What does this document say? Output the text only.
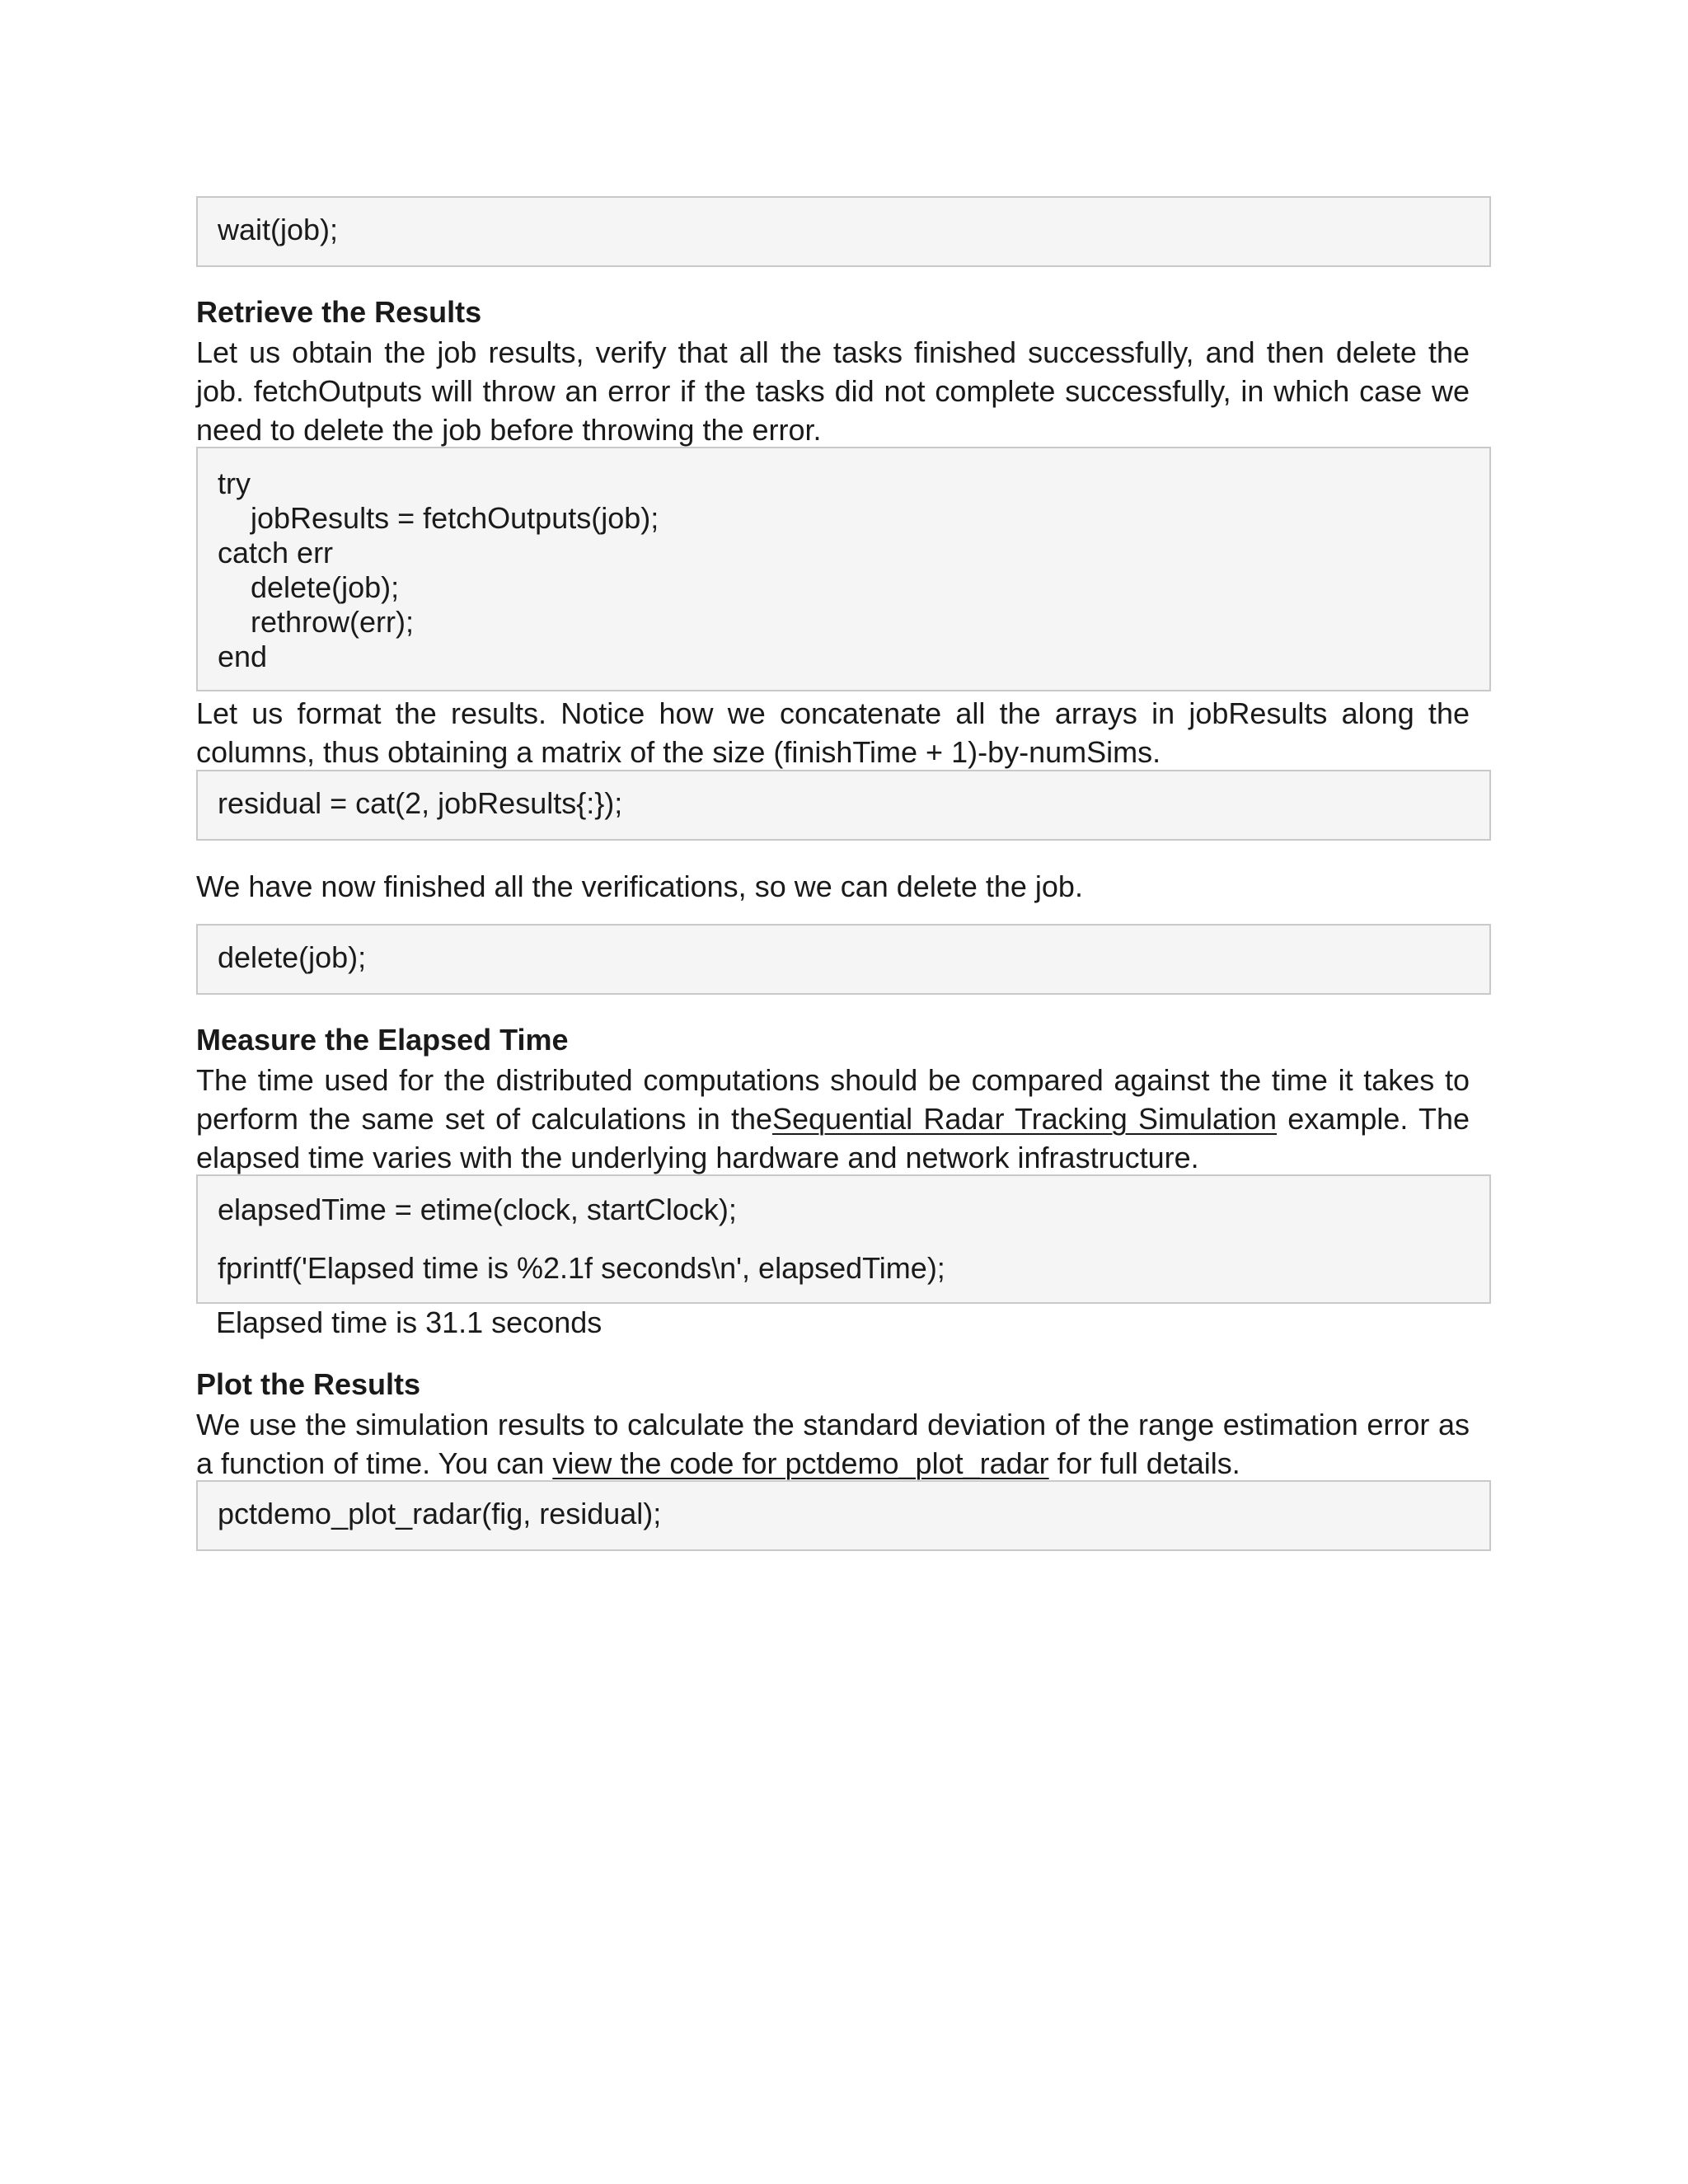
wait(job);
Retrieve the Results
Let us obtain the job results, verify that all the tasks finished successfully, and then delete the job. fetchOutputs will throw an error if the tasks did not complete successfully, in which case we need to delete the job before throwing the error.
try
jobResults = fetchOutputs(job);
catch err
delete(job);
rethrow(err);
end
Let us format the results. Notice how we concatenate all the arrays in jobResults along the columns, thus obtaining a matrix of the size (finishTime + 1)-by-numSims.
residual = cat(2, jobResults{:});
We have now finished all the verifications, so we can delete the job.
delete(job);
Measure the Elapsed Time
The time used for the distributed computations should be compared against the time it takes to perform the same set of calculations in theSequential Radar Tracking Simulation example. The elapsed time varies with the underlying hardware and network infrastructure.
elapsedTime = etime(clock, startClock);
fprintf('Elapsed time is %2.1f seconds\n', elapsedTime);
Elapsed time is 31.1 seconds
Plot the Results
We use the simulation results to calculate the standard deviation of the range estimation error as a function of time. You can view the code for pctdemo_plot_radar for full details.
pctdemo_plot_radar(fig, residual);
